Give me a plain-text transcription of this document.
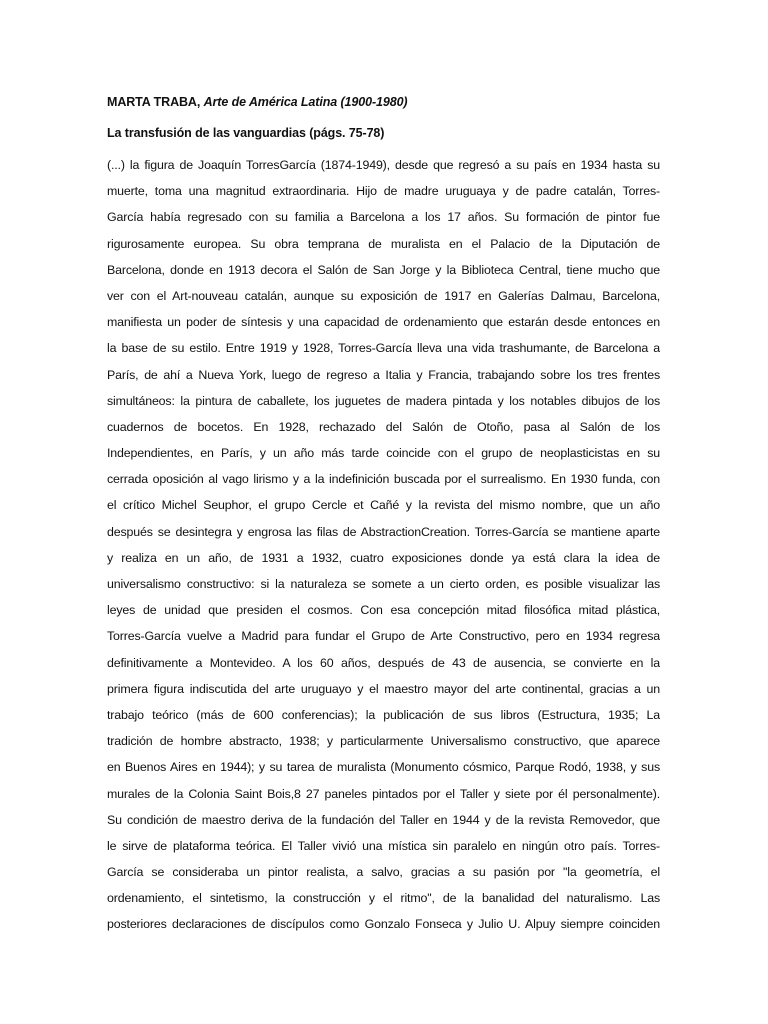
MARTA TRABA, Arte de América Latina (1900-1980)
La transfusión de las vanguardias (págs. 75-78)
(...) la figura de Joaquín TorresGarcía (1874-1949), desde que regresó a su país en 1934 hasta su
muerte, toma una magnitud extraordinaria. Hijo de madre uruguaya y de padre catalán, Torres-
García había regresado con su familia a Barcelona a los 17 años. Su formación de pintor fue
rigurosamente europea. Su obra temprana de muralista en el Palacio de la Diputación de
Barcelona, donde en 1913 decora el Salón de San Jorge y la Biblioteca Central, tiene mucho que
ver con el Art-nouveau catalán, aunque su exposición de 1917 en Galerías Dalmau, Barcelona,
manifiesta un poder de síntesis y una capacidad de ordenamiento que estarán desde entonces en
la base de su estilo. Entre 1919 y 1928, Torres-García lleva una vida trashumante, de Barcelona a
París, de ahí a Nueva York, luego de regreso a Italia y Francia, trabajando sobre los tres frentes
simultáneos: la pintura de caballete, los juguetes de madera pintada y los notables dibujos de los
cuadernos de bocetos. En 1928, rechazado del Salón de Otoño, pasa al Salón de los
Independientes, en París, y un año más tarde coincide con el grupo de neoplasticistas en su
cerrada oposición al vago lirismo y a la indefinición buscada por el surrealismo. En 1930 funda, con
el crítico Michel Seuphor, el grupo Cercle et Cañé y la revista del mismo nombre, que un año
después se desintegra y engrosa las filas de AbstractionCreation. Torres-García se mantiene aparte
y realiza en un año, de 1931 a 1932, cuatro exposiciones donde ya está clara la idea de
universalismo constructivo: si la naturaleza se somete a un cierto orden, es posible visualizar las
leyes de unidad que presiden el cosmos. Con esa concepción mitad filosófica mitad plástica,
Torres-García vuelve a Madrid para fundar el Grupo de Arte Constructivo, pero en 1934 regresa
definitivamente a Montevideo. A los 60 años, después de 43 de ausencia, se convierte en la
primera figura indiscutida del arte uruguayo y el maestro mayor del arte continental, gracias a un
trabajo teórico (más de 600 conferencias); la publicación de sus libros (Estructura, 1935; La
tradición de hombre abstracto, 1938; y particularmente Universalismo constructivo, que aparece
en Buenos Aires en 1944); y su tarea de muralista (Monumento cósmico, Parque Rodó, 1938, y sus
murales de la Colonia Saint Bois,8 27 paneles pintados por el Taller y siete por él personalmente).
Su condición de maestro deriva de la fundación del Taller en 1944 y de la revista Removedor, que
le sirve de plataforma teórica. El Taller vivió una mística sin paralelo en ningún otro país. Torres-
García se consideraba un pintor realista, a salvo, gracias a su pasión por "la geometría, el
ordenamiento, el sintetismo, la construcción y el ritmo", de la banalidad del naturalismo. Las
posteriores declaraciones de discípulos como Gonzalo Fonseca y Julio U. Alpuy siempre coinciden
